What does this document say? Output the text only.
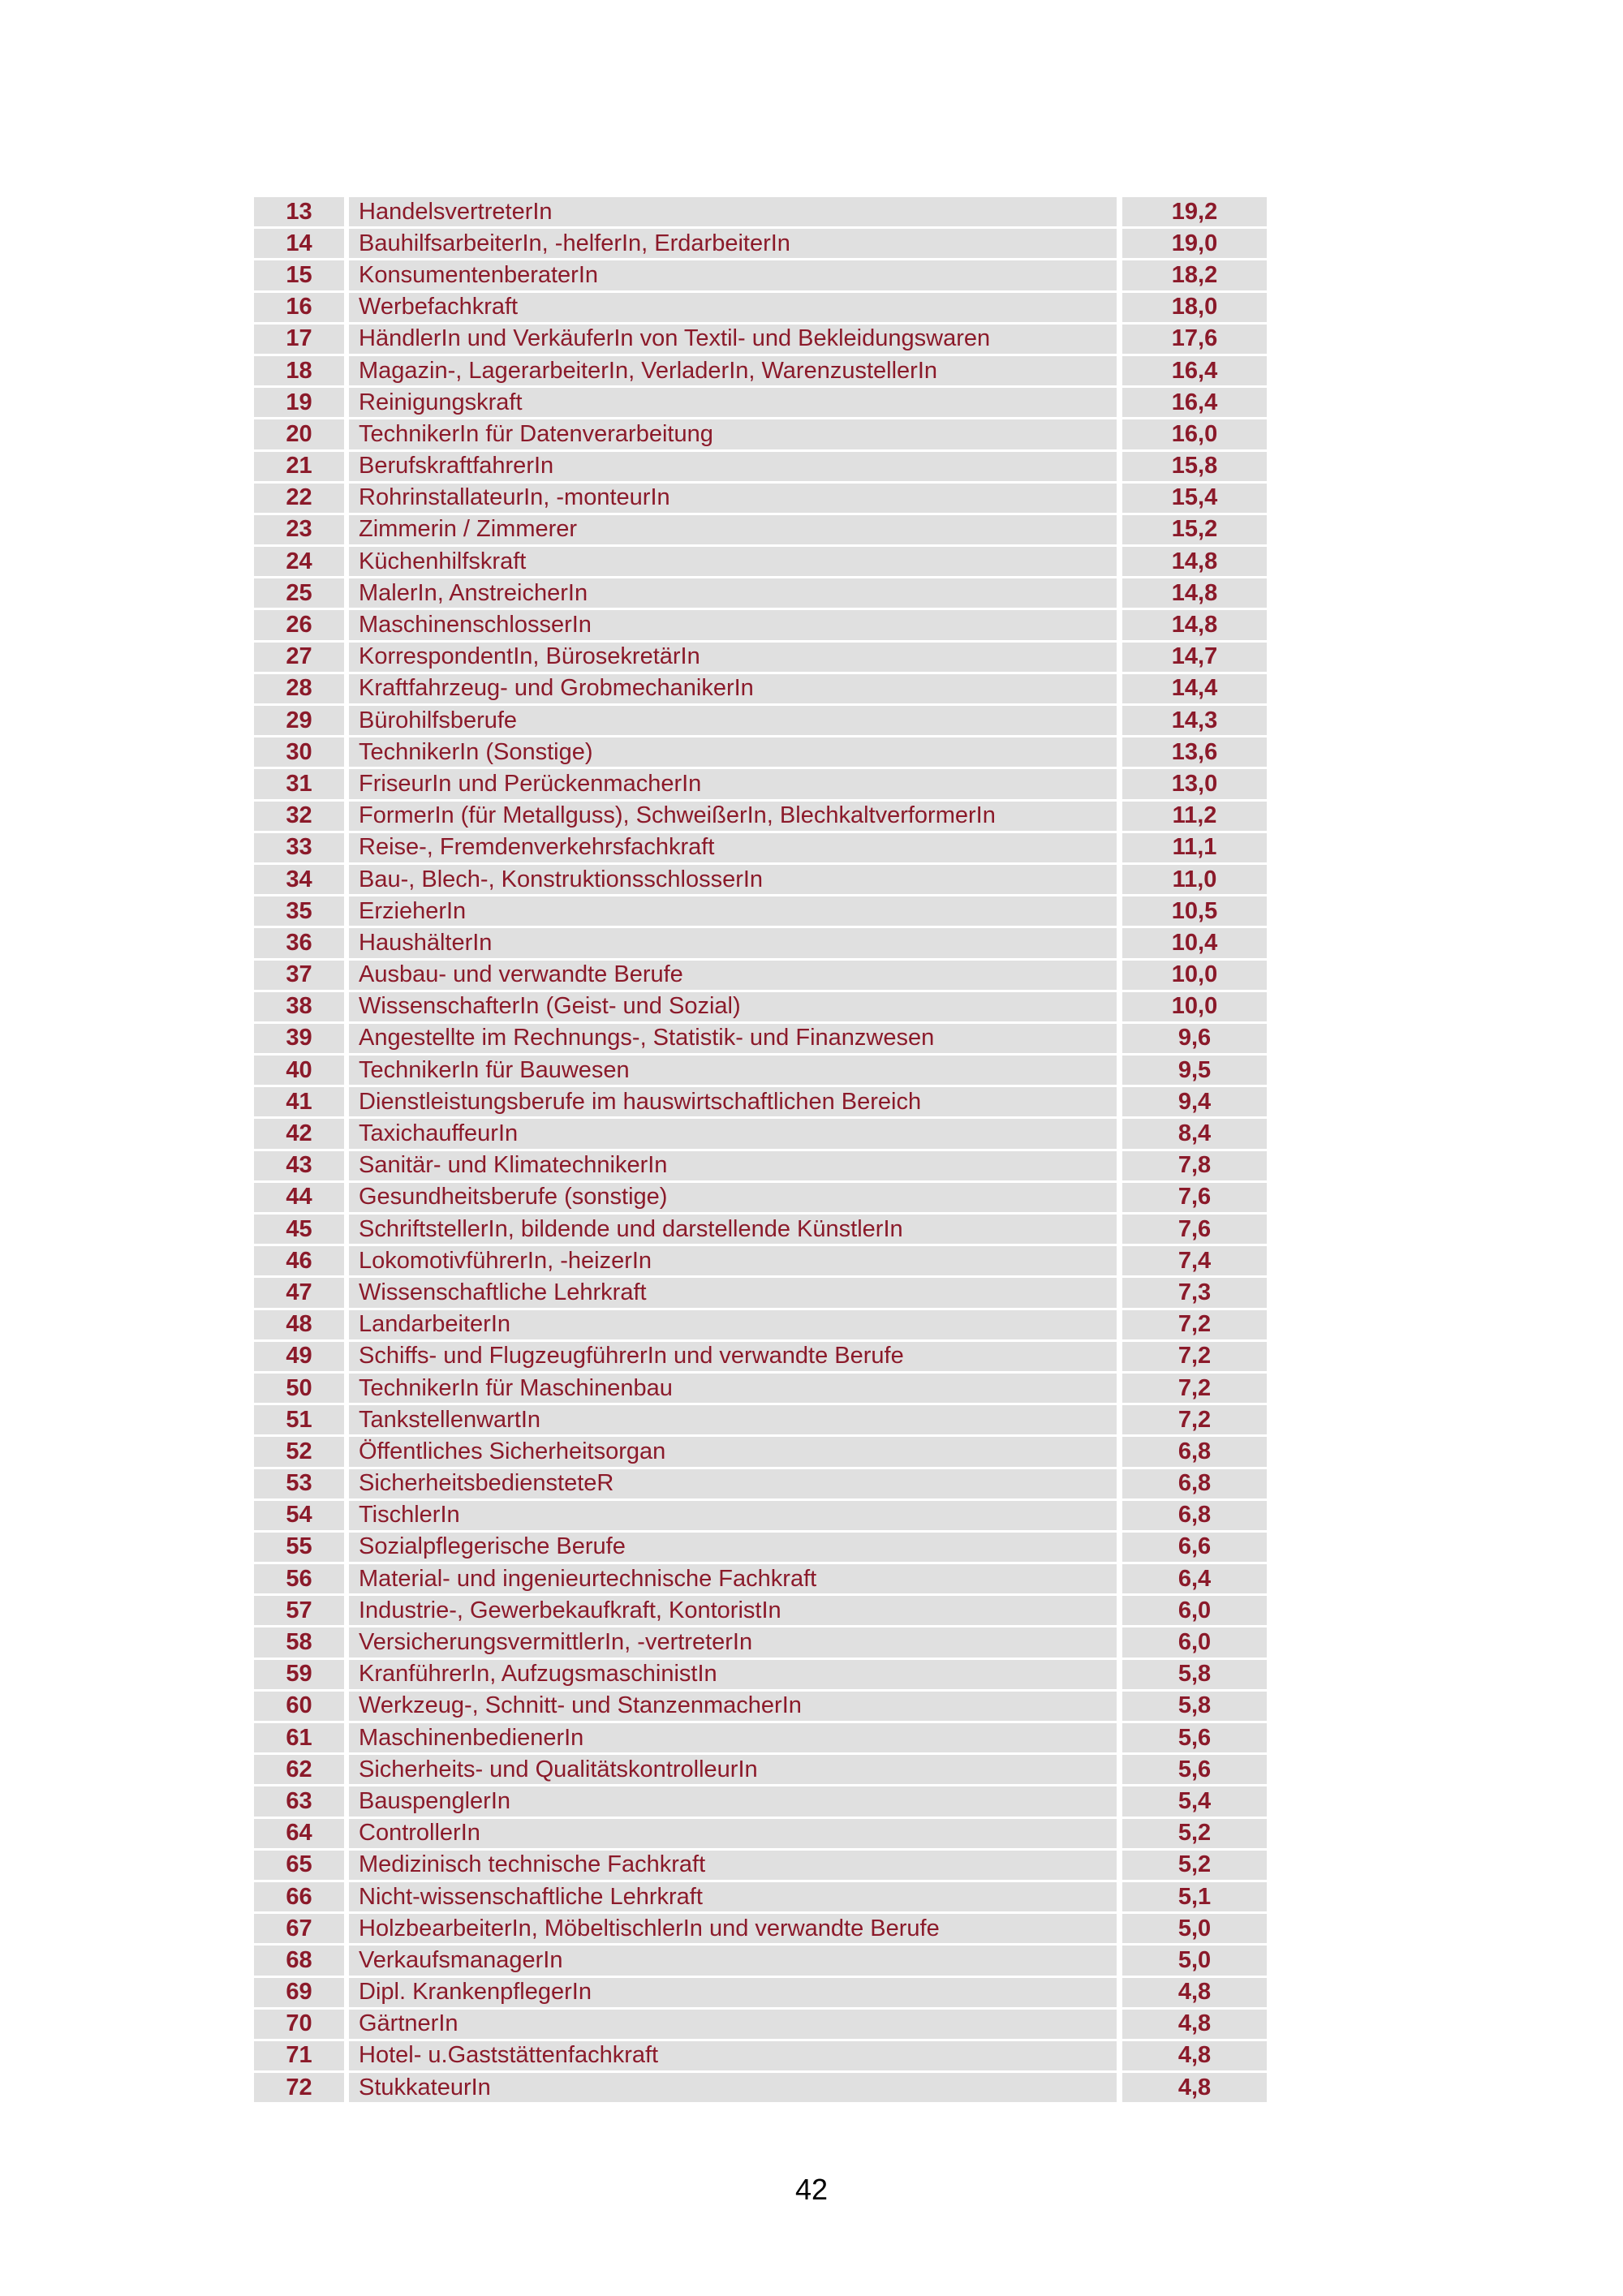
13	HandelsvertreterIn	19,2
14	BauhilfsarbeiterIn, -helferIn, ErdarbeiterIn	19,0
15	KonsumentenberaterIn	18,2
16	Werbefachkraft	18,0
17	HändlerIn und VerkäuferIn von Textil- und Bekleidungswaren	17,6
18	Magazin-, LagerarbeiterIn, VerladerIn, WarenzustellerIn	16,4
19	Reinigungskraft	16,4
20	TechnikerIn für Datenverarbeitung	16,0
21	BerufskraftfahrerIn	15,8
22	RohrinstallateurIn, -monteurIn	15,4
23	Zimmerin / Zimmerer	15,2
24	Küchenhilfskraft	14,8
25	MalerIn, AnstreicherIn	14,8
26	MaschinenschlosserIn	14,8
27	KorrespondentIn, BürosekretärIn	14,7
28	Kraftfahrzeug- und GrobmechanikerIn	14,4
29	Bürohilfsberufe	14,3
30	TechnikerIn (Sonstige)	13,6
31	FriseurIn und PerückenmacherIn	13,0
32	FormerIn (für Metallguss), SchweißerIn, BlechkaltverformerIn	11,2
33	Reise-, Fremdenverkehrsfachkraft	11,1
34	Bau-, Blech-, KonstruktionsschlosserIn	11,0
35	ErzieherIn	10,5
36	HaushälterIn	10,4
37	Ausbau- und verwandte Berufe	10,0
38	WissenschafterIn (Geist- und Sozial)	10,0
39	Angestellte im Rechnungs-, Statistik- und Finanzwesen	9,6
40	TechnikerIn für Bauwesen	9,5
41	Dienstleistungsberufe im hauswirtschaftlichen Bereich	9,4
42	TaxichauffeurIn	8,4
43	Sanitär- und KlimatechnikerIn	7,8
44	Gesundheitsberufe (sonstige)	7,6
45	SchriftstellerIn, bildende und darstellende KünstlerIn	7,6
46	LokomotivführerIn, -heizerIn	7,4
47	Wissenschaftliche Lehrkraft	7,3
48	LandarbeiterIn	7,2
49	Schiffs- und FlugzeugführerIn und verwandte Berufe	7,2
50	TechnikerIn für Maschinenbau	7,2
51	TankstellenwartIn	7,2
52	Öffentliches Sicherheitsorgan	6,8
53	SicherheitsbediensteteR	6,8
54	TischlerIn	6,8
55	Sozialpflegerische Berufe	6,6
56	Material- und ingenieurtechnische Fachkraft	6,4
57	Industrie-, Gewerbekaufkraft, KontoristIn	6,0
58	VersicherungsvermittlerIn, -vertreterIn	6,0
59	KranführerIn, AufzugsmaschinistIn	5,8
60	Werkzeug-, Schnitt- und StanzenmacherIn	5,8
61	MaschinenbedienerIn	5,6
62	Sicherheits- und QualitätskontrolleurIn	5,6
63	BauspenglerIn	5,4
64	ControllerIn	5,2
65	Medizinisch technische Fachkraft	5,2
66	Nicht-wissenschaftliche Lehrkraft	5,1
67	HolzbearbeiterIn, MöbeltischlerIn und verwandte Berufe	5,0
68	VerkaufsmanagerIn	5,0
69	Dipl. KrankenpflegerIn	4,8
70	GärtnerIn	4,8
71	Hotel- u.Gaststättenfachkraft	4,8
72	StukkateurIn	4,8
42
